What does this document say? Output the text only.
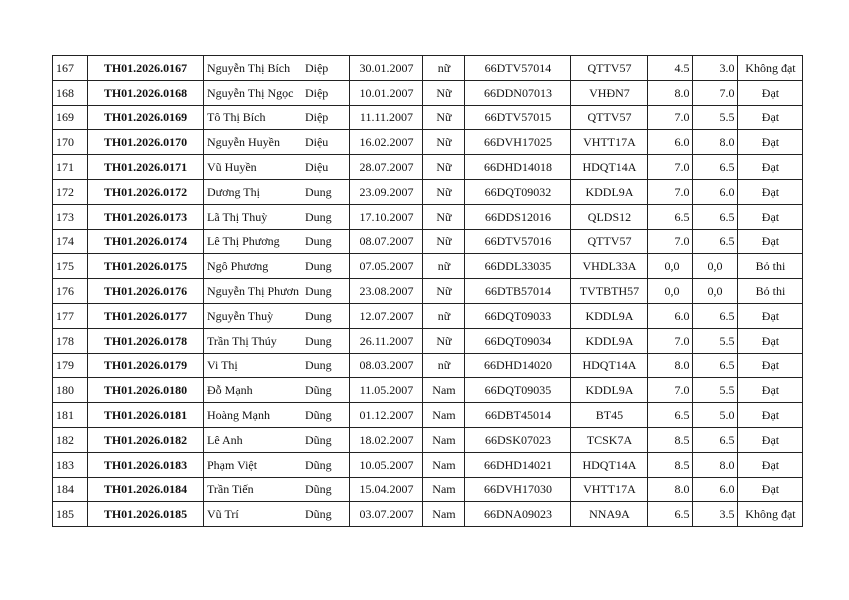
167	TH01.2026.0167	Nguyễn Thị Bích	Diệp	30.01.2007	nữ	66DTV57014	QTTV57	4.5	3.0	Không đạt
168	TH01.2026.0168	Nguyễn Thị Ngọc	Diệp	10.01.2007	Nữ	66DDN07013	VHĐN7	8.0	7.0	Đạt
169	TH01.2026.0169	Tô Thị Bích	Diệp	11.11.2007	Nữ	66DTV57015	QTTV57	7.0	5.5	Đạt
170	TH01.2026.0170	Nguyễn Huyền	Diệu	16.02.2007	Nữ	66DVH17025	VHTT17A	6.0	8.0	Đạt
171	TH01.2026.0171	Vũ Huyền	Diệu	28.07.2007	Nữ	66DHD14018	HDQT14A	7.0	6.5	Đạt
172	TH01.2026.0172	Dương Thị	Dung	23.09.2007	Nữ	66DQT09032	KDDL9A	7.0	6.0	Đạt
173	TH01.2026.0173	Lã Thị Thuỳ	Dung	17.10.2007	Nữ	66DDS12016	QLDS12	6.5	6.5	Đạt
174	TH01.2026.0174	Lê Thị Phương	Dung	08.07.2007	Nữ	66DTV57016	QTTV57	7.0	6.5	Đạt
175	TH01.2026.0175	Ngô Phương	Dung	07.05.2007	nữ	66DDL33035	VHDL33A	0,0	0,0	Bỏ thi
176	TH01.2026.0176	Nguyễn Thị Phươn	Dung	23.08.2007	Nữ	66DTB57014	TVTBTH57	0,0	0,0	Bỏ thi
177	TH01.2026.0177	Nguyễn Thuỳ	Dung	12.07.2007	nữ	66DQT09033	KDDL9A	6.0	6.5	Đạt
178	TH01.2026.0178	Trần Thị Thúy	Dung	26.11.2007	Nữ	66DQT09034	KDDL9A	7.0	5.5	Đạt
179	TH01.2026.0179	Vi Thị	Dung	08.03.2007	nữ	66DHD14020	HDQT14A	8.0	6.5	Đạt
180	TH01.2026.0180	Đỗ Mạnh	Dũng	11.05.2007	Nam	66DQT09035	KDDL9A	7.0	5.5	Đạt
181	TH01.2026.0181	Hoàng Mạnh	Dũng	01.12.2007	Nam	66DBT45014	BT45	6.5	5.0	Đạt
182	TH01.2026.0182	Lê Anh	Dũng	18.02.2007	Nam	66DSK07023	TCSK7A	8.5	6.5	Đạt
183	TH01.2026.0183	Phạm Việt	Dũng	10.05.2007	Nam	66DHD14021	HDQT14A	8.5	8.0	Đạt
184	TH01.2026.0184	Trần Tiến	Dũng	15.04.2007	Nam	66DVH17030	VHTT17A	8.0	6.0	Đạt
185	TH01.2026.0185	Vũ Trí	Dũng	03.07.2007	Nam	66DNA09023	NNA9A	6.5	3.5	Không đạt
